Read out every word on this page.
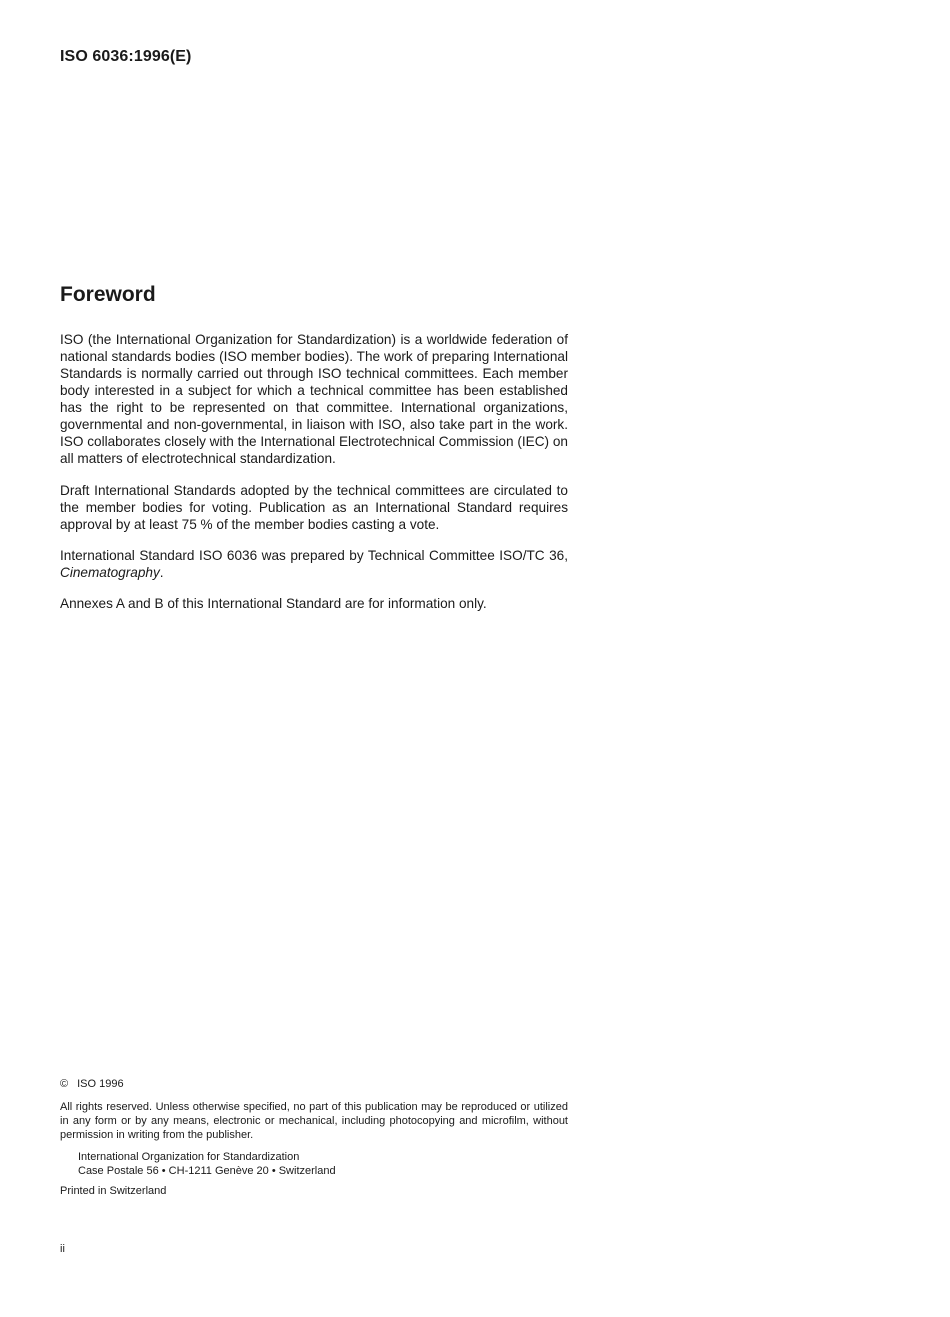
ISO 6036:1996(E)
Foreword

ISO (the International Organization for Standardization) is a worldwide federation of national standards bodies (ISO member bodies). The work of preparing International Standards is normally carried out through ISO technical committees. Each member body interested in a subject for which a technical committee has been established has the right to be represented on that committee. International organizations, governmental and non-governmental, in liaison with ISO, also take part in the work. ISO collaborates closely with the International Electrotechnical Commission (IEC) on all matters of electrotechnical standardization.

Draft International Standards adopted by the technical committees are circulated to the member bodies for voting. Publication as an International Standard requires approval by at least 75 % of the member bodies casting a vote.

International Standard ISO 6036 was prepared by Technical Committee ISO/TC 36, Cinematography.

Annexes A and B of this International Standard are for information only.

© ISO 1996
All rights reserved. Unless otherwise specified, no part of this publication may be reproduced or utilized in any form or by any means, electronic or mechanical, including photocopying and microfilm, without permission in writing from the publisher.
International Organization for Standardization
Case Postale 56 • CH-1211 Genève 20 • Switzerland
Printed in Switzerland
ii
